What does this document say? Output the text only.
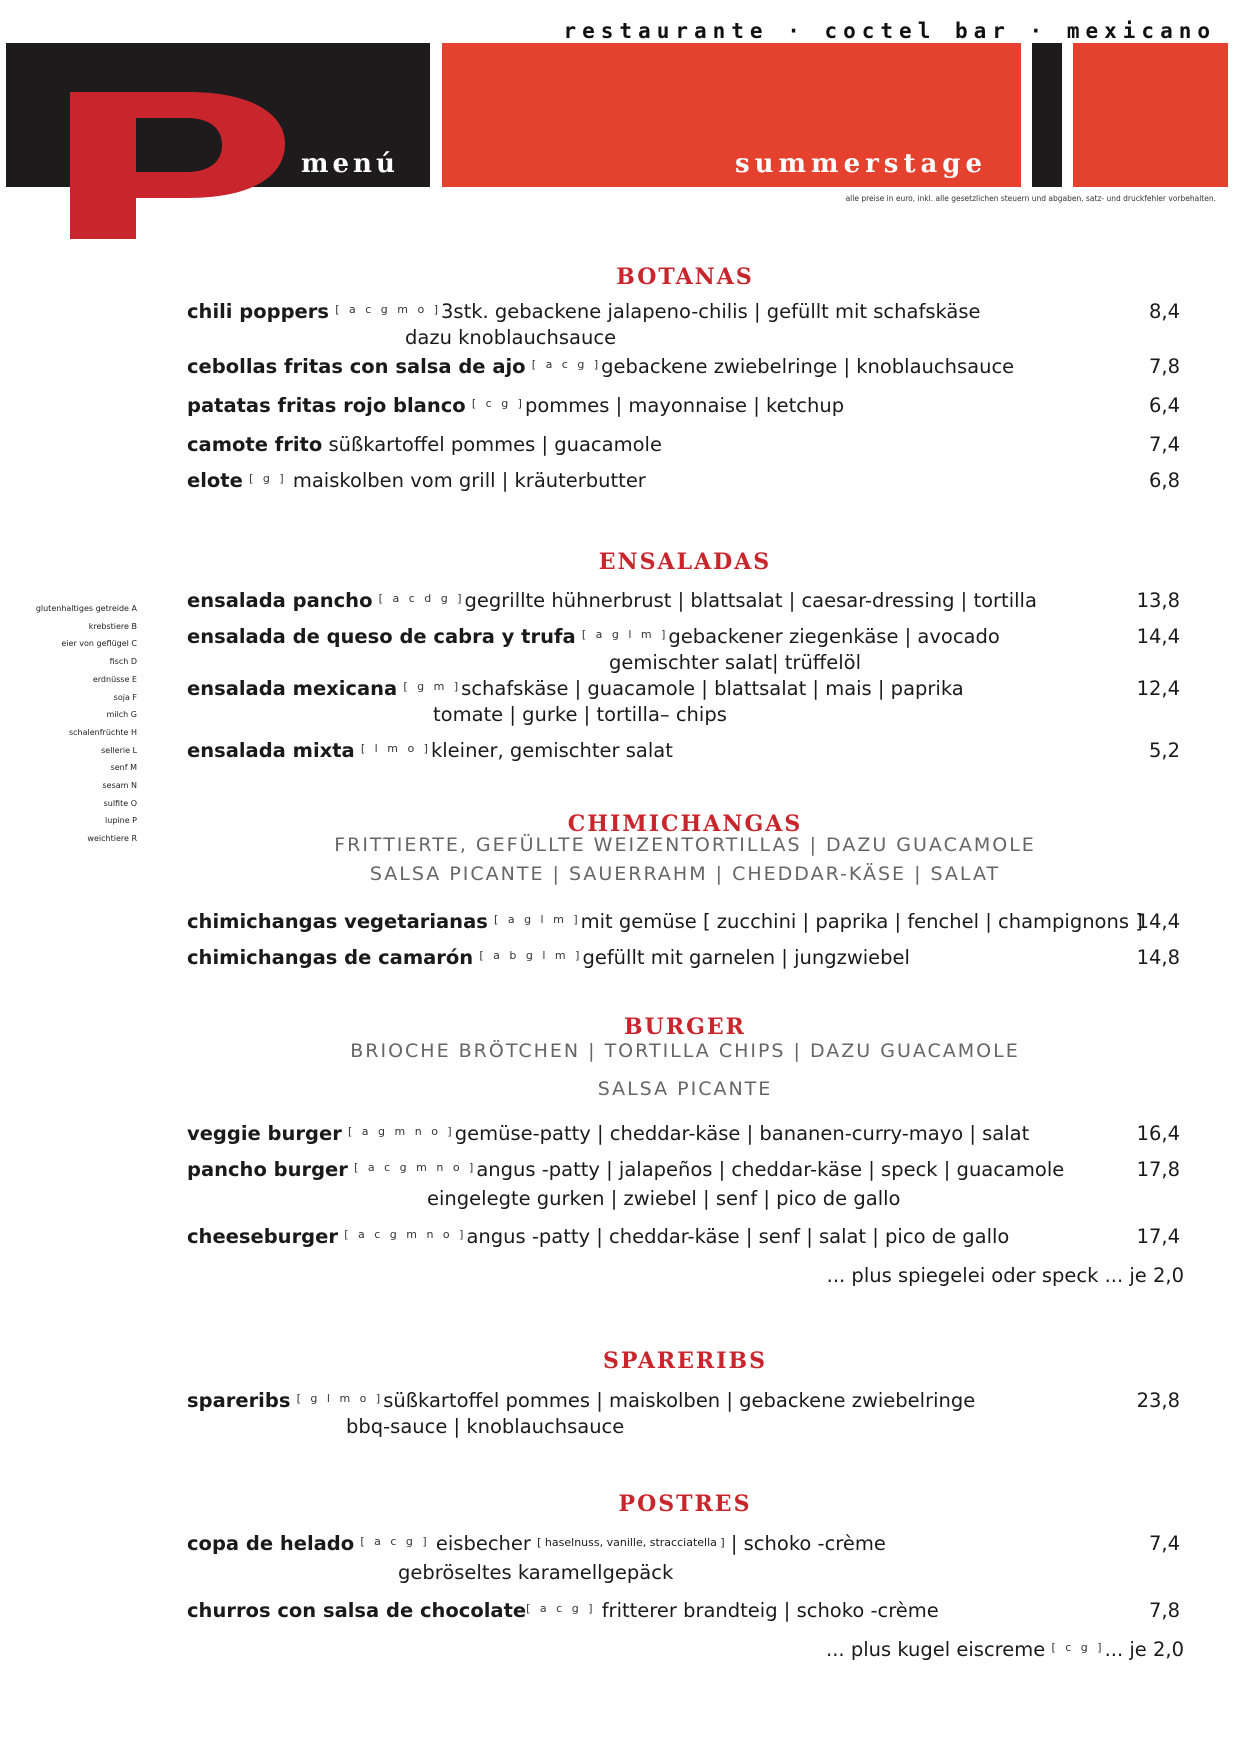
restaurante · coctel bar · mexicano
menú	summerstage
alle preise in euro, inkl. alle gesetzlichen steuern und abgaben. satz- und druckfehler vorbehalten.
glutenhaltiges getreide A
krebstiere B
eier von geflügel C
fisch D
erdnüsse E
soja F
milch G
schalenfrüchte H
sellerie L
senf M
sesam N
sulfite O
lupine P
weichtiere R
BOTANAS
chili poppers [ a c g m o ]3stk. gebackene jalapeno-chilis | gefüllt mit schafskäse
dazu knoblauchsauce
8,4
cebollas fritas con salsa de ajo [ a c g ]gebackene zwiebelringe | knoblauchsauce	7,8
patatas fritas rojo blanco [ c g ]pommes | mayonnaise | ketchup	6,4
camote frito süßkartoffel pommes | guacamole	7,4
elote [ g ] maiskolben vom grill | kräuterbutter	6,8
ENSALADAS
ensalada pancho [ a c d g ]gegrillte hühnerbrust | blattsalat | caesar-dressing | tortilla	13,8
ensalada de queso de cabra y trufa [ a g l m ]gebackener ziegenkäse | avocado
gemischter salat| trüffelöl
14,4
ensalada mexicana [ g m ]schafskäse | guacamole | blattsalat | mais | paprika
tomate | gurke | tortilla– chips
12,4
ensalada mixta [ l m o ]kleiner, gemischter salat	5,2
CHIMICHANGAS
FRITTIERTE, GEFÜLLTE WEIZENTORTILLAS | DAZU GUACAMOLE
SALSA PICANTE | SAUERRAHM | CHEDDAR-KÄSE | SALAT
chimichangas vegetarianas [ a g l m ]mit gemüse [ zucchini | paprika | fenchel | champignons ]
14,4
chimichangas de camarón [ a b g l m ]gefüllt mit garnelen | jungzwiebel	14,8
BURGER
BRIOCHE BRÖTCHEN | TORTILLA CHIPS | DAZU GUACAMOLE
SALSA PICANTE
veggie burger [ a g m n o ]gemüse-patty | cheddar-käse | bananen-curry-mayo | salat	16,4
pancho burger [ a c g m n o ]angus -patty | jalapeños | cheddar-käse | speck | guacamole
eingelegte gurken | zwiebel | senf | pico de gallo
17,8
cheeseburger [ a c g m n o ]angus -patty | cheddar-käse | senf | salat | pico de gallo	17,4
... plus spiegelei oder speck ... je 2,0
SPARERIBS
spareribs [ g l m o ]süßkartoffel pommes | maiskolben | gebackene zwiebelringe
bbq-sauce | knoblauchsauce
23,8
POSTRES
copa de helado [ a c g ] eisbecher [ haselnuss, vanille, stracciatella ] | schoko -crème
gebröseltes karamellgepäck
7,4
churros con salsa de chocolate[ a c g ] fritterer brandteig | schoko -crème	7,8
... plus kugel eiscreme [ c g ]... je 2,0
